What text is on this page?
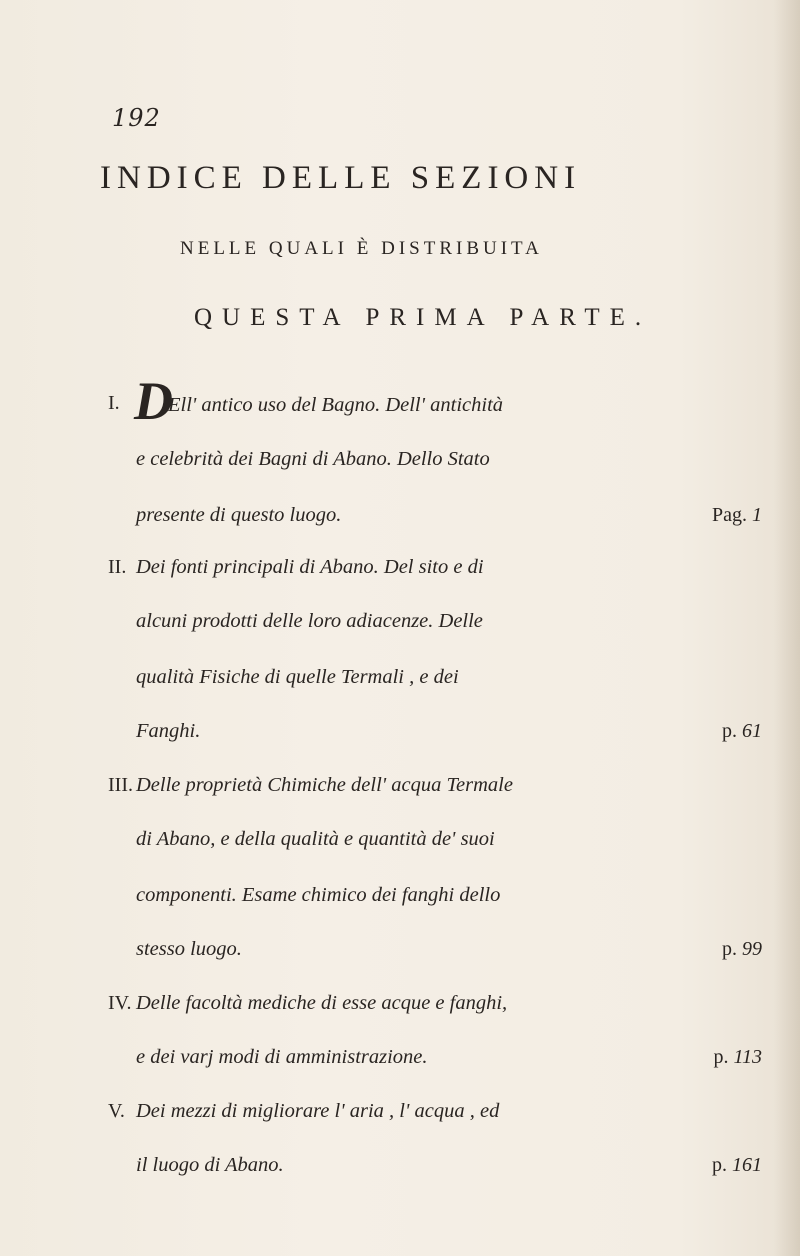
192
INDICE DELLE SEZIONI
NELLE QUALI È DISTRIBUITA
QUESTA PRIMA PARTE.
I. D
Ell' antico uso del Bagno. Dell' antichità
e celebrità dei Bagni di Abano. Dello Stato
presente di questo luogo.	Pag. 1
II. Dei fonti principali di Abano. Del sito e di
alcuni prodotti delle loro adiacenze. Delle
qualità Fisiche di quelle Termali , e dei
Fanghi.	p. 61
III. Delle proprietà Chimiche dell' acqua Termale
di Abano, e della qualità e quantità de' suoi
componenti. Esame chimico dei fanghi dello
stesso luogo.	p. 99
IV. Delle facoltà mediche di esse acque e fanghi,
e dei varj modi di amministrazione.	p. 113
V. Dei mezzi di migliorare l' aria , l' acqua , ed
il luogo di Abano.	p. 161
